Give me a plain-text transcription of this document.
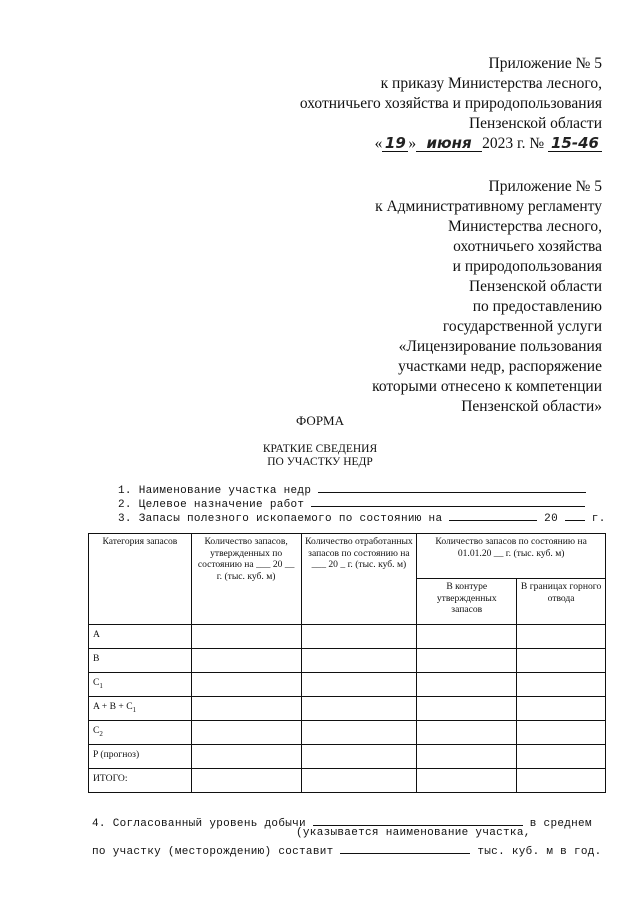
Приложение № 5
к приказу Министерства лесного,
охотничьего хозяйства и природопользования
Пензенской области
« 19 » июня 2023 г. № 15-46
Приложение № 5
к Административному регламенту
Министерства лесного,
охотничьего хозяйства
и природопользования
Пензенской области
по предоставлению
государственной услуги
«Лицензирование пользования
участками недр, распоряжение
которыми отнесено к компетенции
Пензенской области»
ФОРМА
КРАТКИЕ СВЕДЕНИЯ
ПО УЧАСТКУ НЕДР
1. Наименование участка недр
2. Целевое назначение работ
3. Запасы полезного ископаемого по состоянию на	20	г.
Категория запасов	Количество запасов, утвержденных по состоянию на ___ 20 __ г. (тыс. куб. м)	Количество отработанных запасов по состоянию на ___ 20 _ г. (тыс. куб. м)	Количество запасов по состоянию на 01.01.20 __ г. (тыс. куб. м)	
			В контуре утвержденных запасов	В границах горного отвода
A				
B				
$C_1$				
$A + B + C_1$				
$C_2$				
P (прогноз)				
ИТОГО:				
4. Согласованный уровень добычи	в среднем
(указывается наименование участка,
по участку (месторождению) составит	тыс. куб. м в год.
